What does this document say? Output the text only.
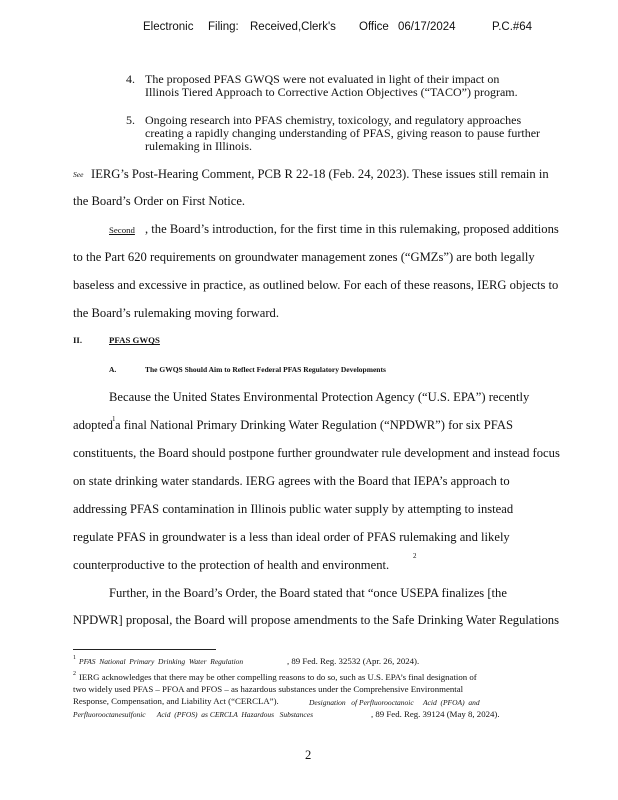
Electronic Filing: Received,Clerk's Office 06/17/2024	P.C.#64
4. The proposed PFAS GWQS were not evaluated in light of their impact on
Illinois Tiered Approach to Corrective Action Objectives (“TACO”) program.
5. Ongoing research into PFAS chemistry, toxicology, and regulatory approaches
creating a rapidly changing understanding of PFAS, giving reason to pause further
rulemaking in Illinois.
See IERG’s Post-Hearing Comment, PCB R 22-18 (Feb. 24, 2023). These issues still remain in
the Board’s Order on First Notice.
Second , the Board’s introduction, for the first time in this rulemaking, proposed additions
to the Part 620 requirements on groundwater management zones (“GMZs”) are both legally
baseless and excessive in practice, as outlined below. For each of these reasons, IERG objects to
the Board’s rulemaking moving forward.
II.	PFAS GWQS
A.	The GWQS Should Aim to Reflect Federal PFAS Regulatory Developments
Because the United States Environmental Protection Agency (“U.S. EPA”) recently
adopted 1 a final National Primary Drinking Water Regulation (“NPDWR”) for six PFAS
constituents, the Board should postpone further groundwater rule development and instead focus
on state drinking water standards. IERG agrees with the Board that IEPA’s approach to
addressing PFAS contamination in Illinois public water supply by attempting to instead
regulate PFAS in groundwater is a less than ideal order of PFAS rulemaking and likely
counterproductive to the protection of health and environment.
2
Further, in the Board’s Order, the Board stated that “once USEPA finalizes [the
NPDWR] proposal, the Board will propose amendments to the Safe Drinking Water Regulations
1 PFAS  National  Primary  Drinking  Water  Regulation	, 89 Fed. Reg. 32532 (Apr. 26, 2024).
2 IERG acknowledges that there may be other compelling reasons to do so, such as U.S. EPA’s final designation of
two widely used PFAS – PFOA and PFOS – as hazardous substances under the Comprehensive Environmental
Response, Compensation, and Liability Act (“CERCLA”).	Designation   of Perfluorooctanoic     Acid  (PFOA)  and
Perfluorooctanesulfonic      Acid  (PFOS)  as CERCLA  Hazardous   Substances	, 89 Fed. Reg. 39124 (May 8, 2024).
2
